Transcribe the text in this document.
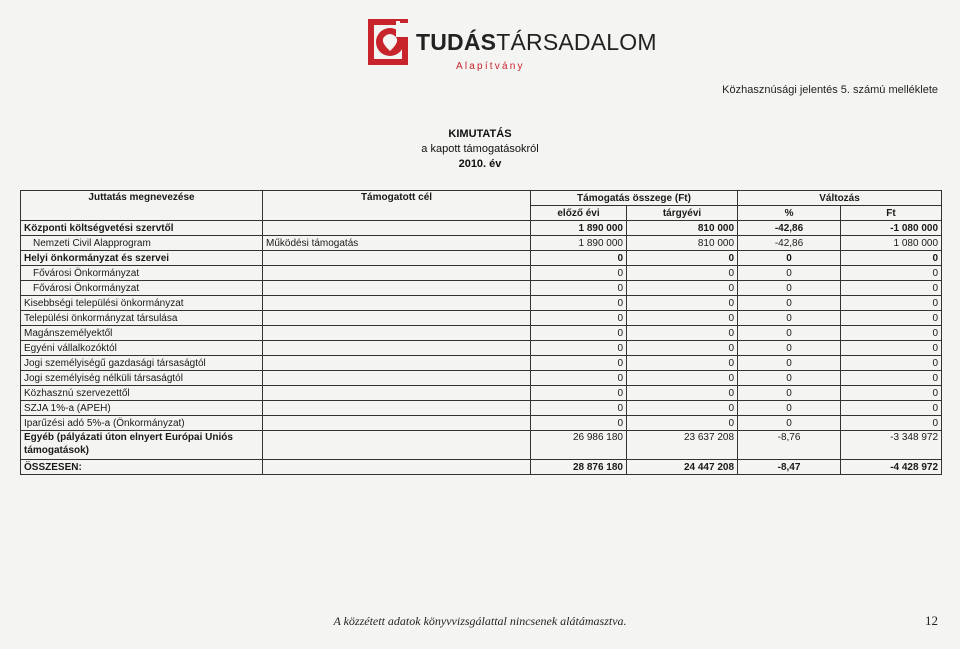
TUDÁSTÁRSADALOM
Alapítvány
Közhasznúsági jelentés 5. számú melléklete
KIMUTATÁS
a kapott támogatásokról
2010. év
Juttatás megnevezése	Támogatott cél	Támogatás összege (Ft)		Változás	
		előző évi	tárgyévi	%	Ft
Központi költségvetési szervtől		1 890 000	810 000	-42,86	-1 080 000
Nemzeti Civil Alapprogram	Működési támogatás	1 890 000	810 000	-42,86	1 080 000
Helyi önkormányzat és szervei		0	0	0	0
Fővárosi Önkormányzat		0	0	0	0
Fővárosi Önkormányzat		0	0	0	0
Kisebbségi települési önkormányzat		0	0	0	0
Települési önkormányzat társulása		0	0	0	0
Magánszemélyektől		0	0	0	0
Egyéni vállalkozóktól		0	0	0	0
Jogi személyiségű gazdasági társaságtól		0	0	0	0
Jogi személyiség nélküli társaságtól		0	0	0	0
Közhasznú szervezettől		0	0	0	0
SZJA 1%-a (APEH)		0	0	0	0
Iparűzési adó 5%-a (Önkormányzat)		0	0	0	0
Egyéb (pályázati úton elnyert Európai Uniós támogatások)		26 986 180	23 637 208	-8,76	-3 348 972
ÖSSZESEN:		28 876 180	24 447 208	-8,47	-4 428 972
A közzétett adatok könyvvizsgálattal nincsenek alátámasztva.	12
